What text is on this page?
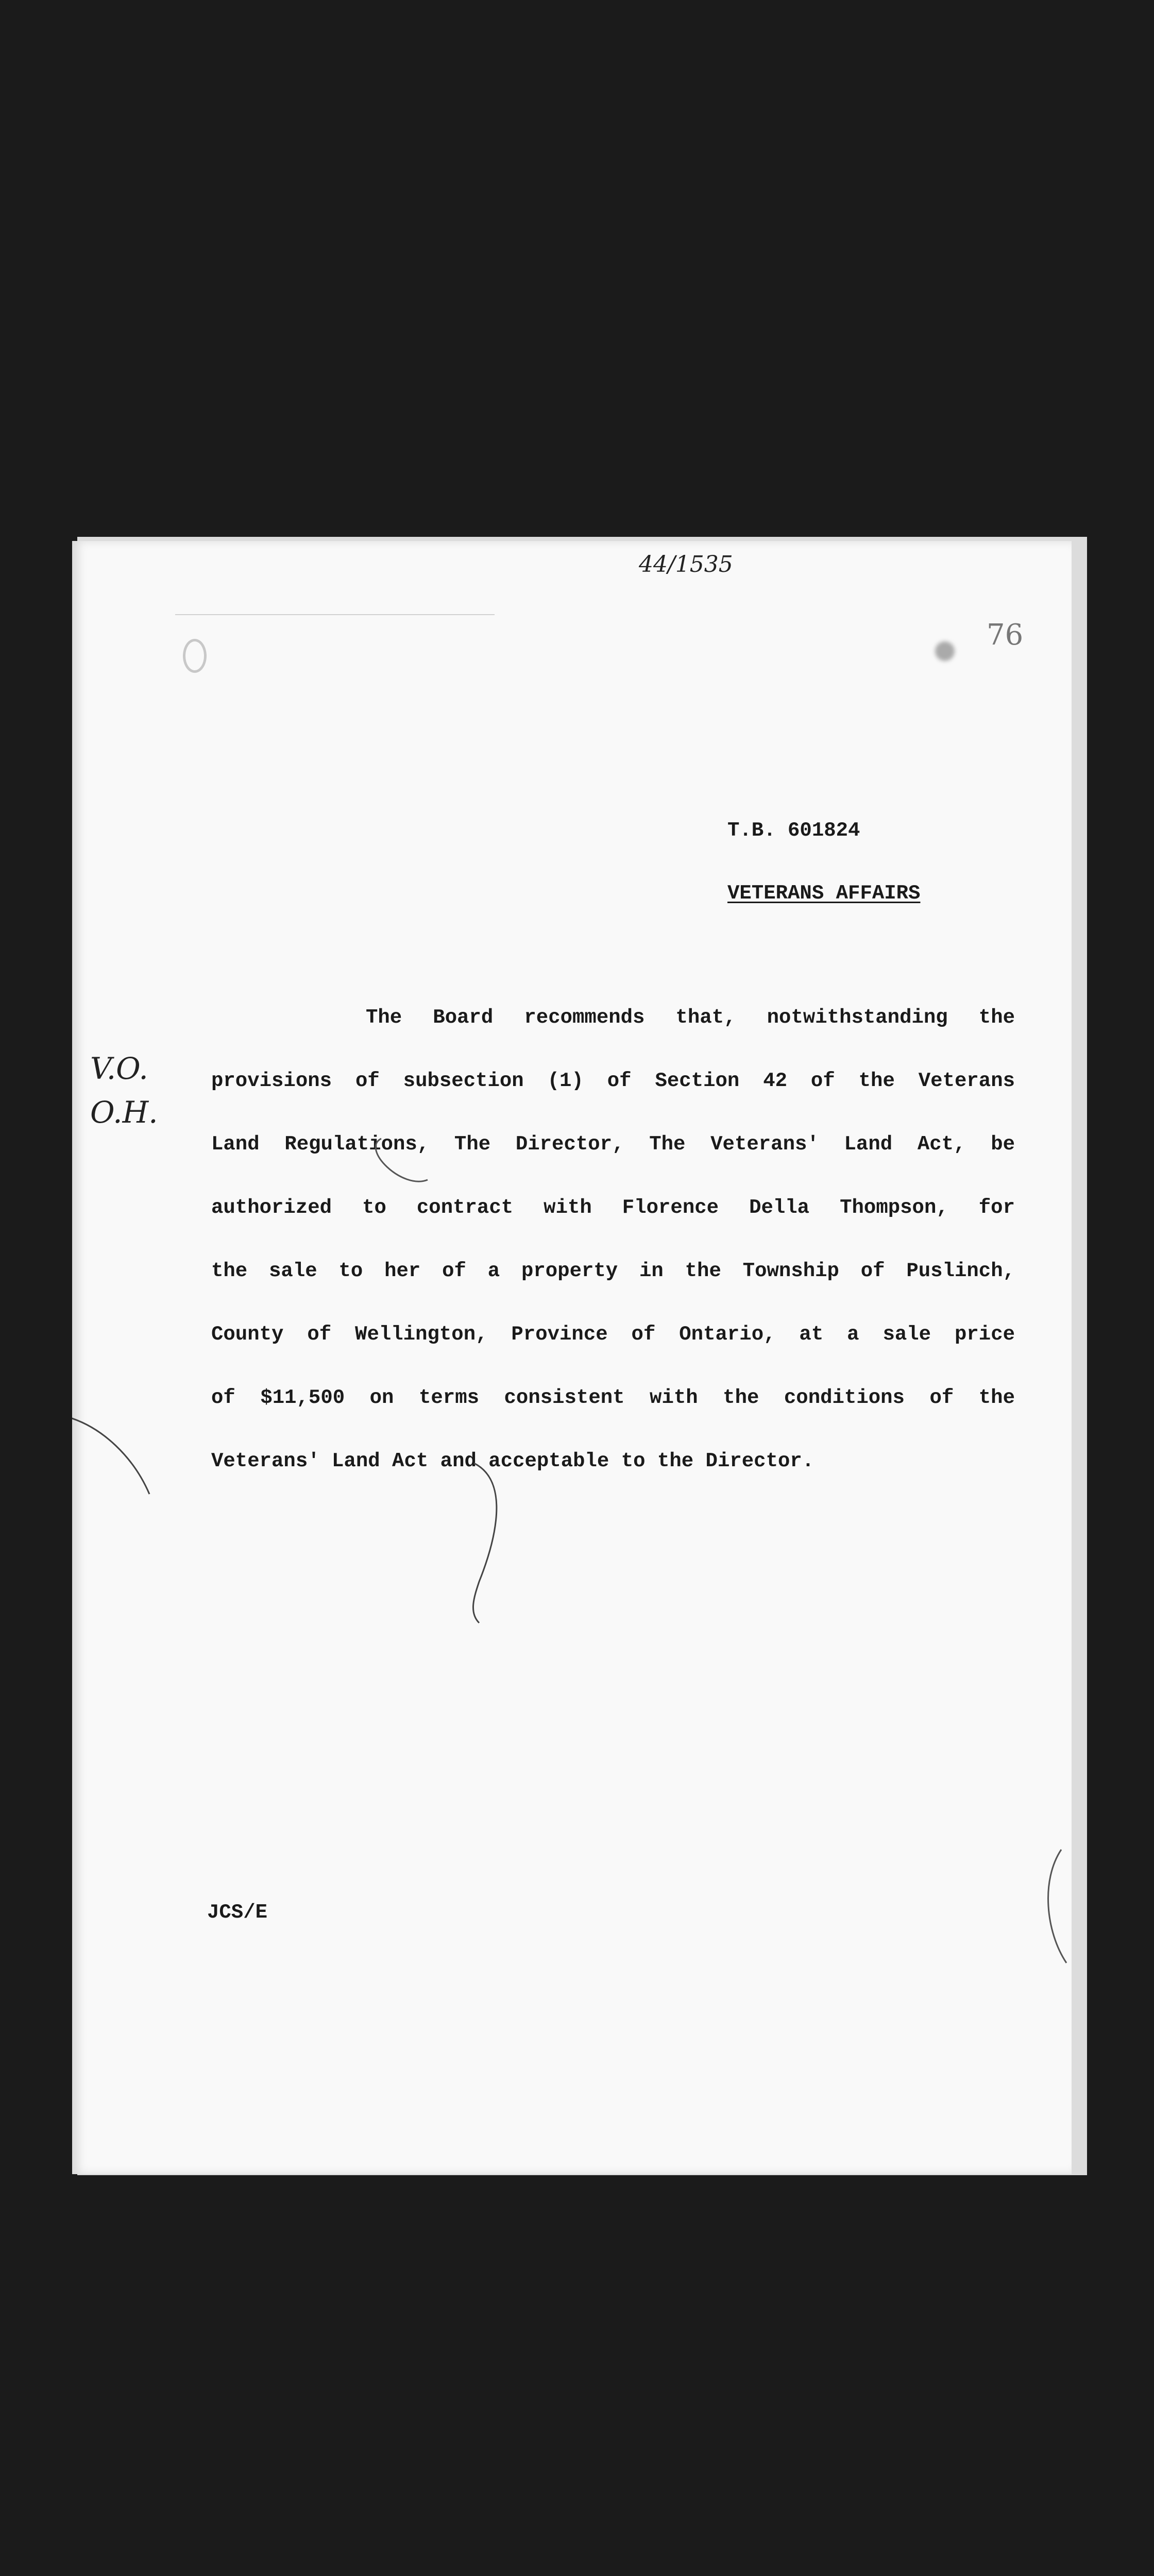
44/1535
76
V.O.
O.H.
T.B. 601824
VETERANS AFFAIRS
The Board recommends that, notwithstanding the
provisions of subsection (1) of Section 42 of the Veterans
Land Regulations, The Director, The Veterans' Land Act, be
authorized to contract with Florence Della Thompson, for
the sale to her of a property in the Township of Puslinch,
County of Wellington, Province of Ontario, at a sale price
of $11,500 on terms consistent with the conditions of the
Veterans' Land Act and acceptable to the Director.
JCS/E
